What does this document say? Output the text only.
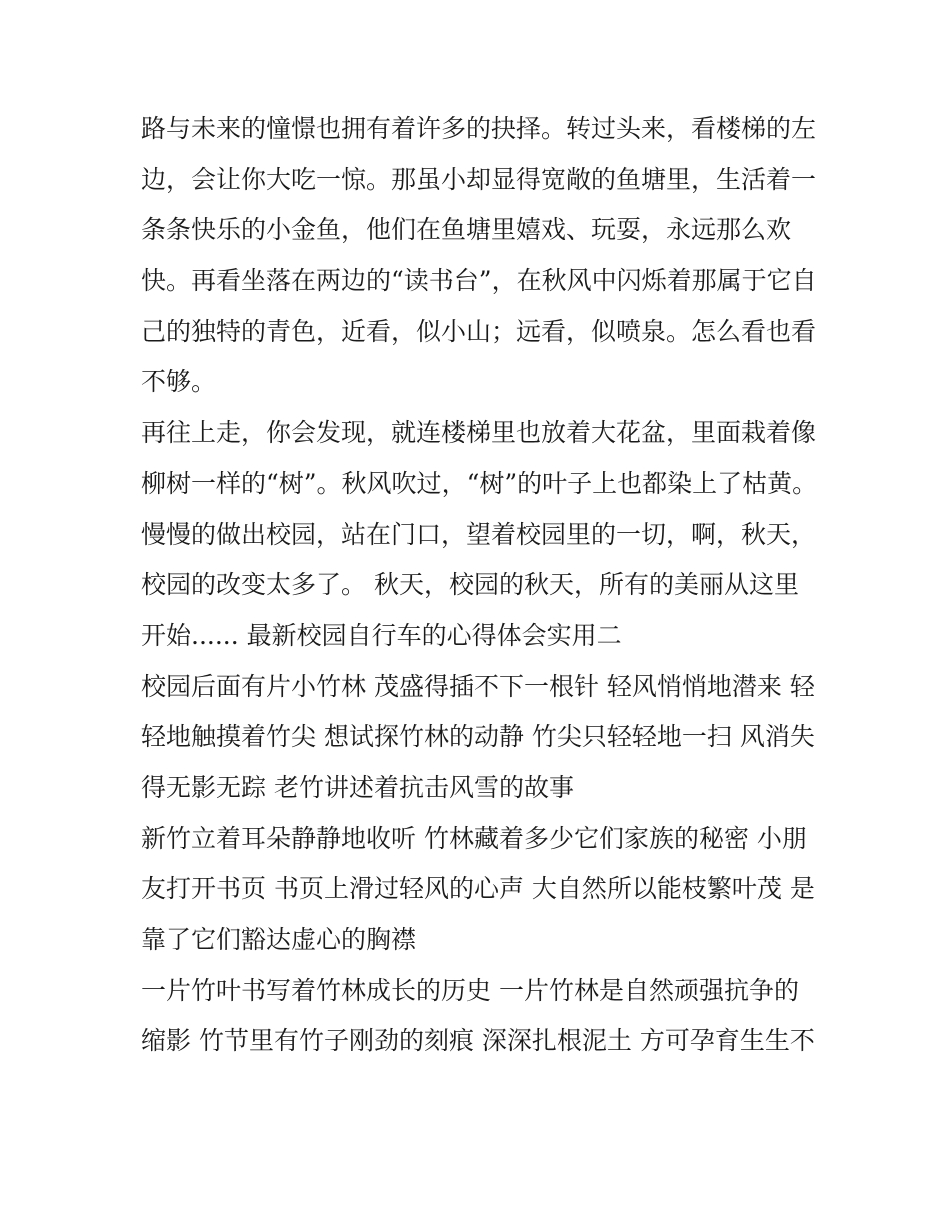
路与未来的憧憬也拥有着许多的抉择。转过头来，看楼梯的左
边，会让你大吃一惊。那虽小却显得宽敞的鱼塘里，生活着一
条条快乐的小金鱼，他们在鱼塘里嬉戏、玩耍，永远那么欢
快。再看坐落在两边的“读书台”，在秋风中闪烁着那属于它自
己的独特的青色，近看，似小山；远看，似喷泉。怎么看也看
不够。
再往上走，你会发现，就连楼梯里也放着大花盆，里面栽着像
柳树一样的“树”。秋风吹过，“树”的叶子上也都染上了枯黄。
慢慢的做出校园，站在门口，望着校园里的一切，啊，秋天，
校园的改变太多了。 秋天，校园的秋天，所有的美丽从这里
开始...... 最新校园自行车的心得体会实用二
校园后面有片小竹林 茂盛得插不下一根针 轻风悄悄地潜来 轻
轻地触摸着竹尖 想试探竹林的动静 竹尖只轻轻地一扫 风消失
得无影无踪 老竹讲述着抗击风雪的故事
新竹立着耳朵静静地收听 竹林藏着多少它们家族的秘密 小朋
友打开书页 书页上滑过轻风的心声 大自然所以能枝繁叶茂 是
靠了它们豁达虚心的胸襟
一片竹叶书写着竹林成长的历史 一片竹林是自然顽强抗争的
缩影 竹节里有竹子刚劲的刻痕 深深扎根泥土 方可孕育生生不
